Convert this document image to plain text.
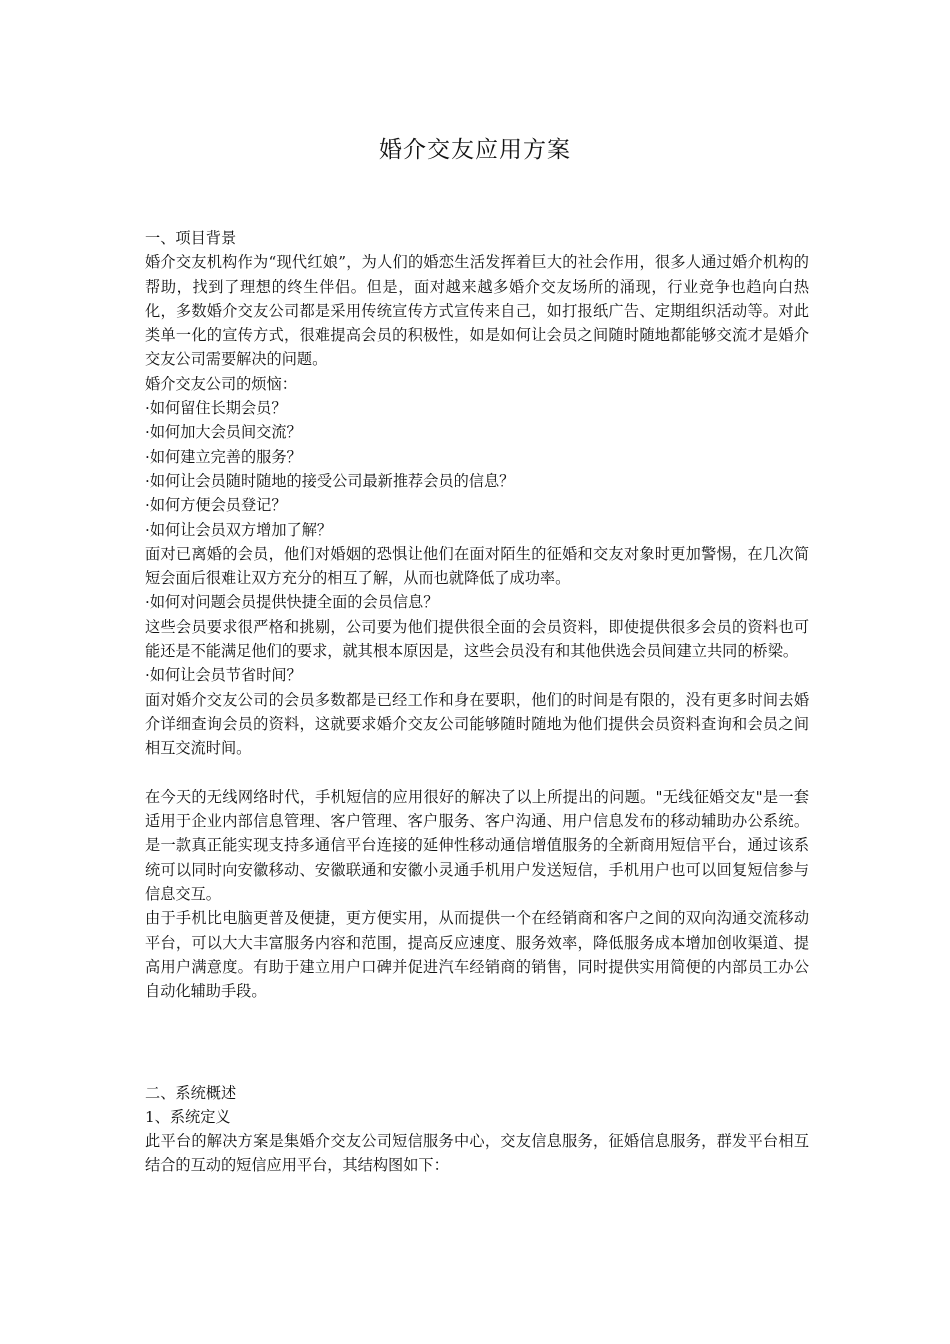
婚介交友应用方案

一、项目背景

婚介交友机构作为“现代红娘”，为人们的婚恋生活发挥着巨大的社会作用，很多人通过婚介机构的帮助，找到了理想的终生伴侣。但是，面对越来越多婚介交友场所的涌现，行业竞争也趋向白热化，多数婚介交友公司都是采用传统宣传方式宣传来自己，如打报纸广告、定期组织活动等。对此类单一化的宣传方式，很难提高会员的积极性，如是如何让会员之间随时随地都能够交流才是婚介交友公司需要解决的问题。

婚介交友公司的烦恼：

·如何留住长期会员？

·如何加大会员间交流？

·如何建立完善的服务？

·如何让会员随时随地的接受公司最新推荐会员的信息？

·如何方便会员登记？

·如何让会员双方增加了解？

面对已离婚的会员，他们对婚姻的恐惧让他们在面对陌生的征婚和交友对象时更加警惕，在几次简短会面后很难让双方充分的相互了解，从而也就降低了成功率。

·如何对问题会员提供快捷全面的会员信息？

这些会员要求很严格和挑剔，公司要为他们提供很全面的会员资料，即使提供很多会员的资料也可能还是不能满足他们的要求，就其根本原因是，这些会员没有和其他供选会员间建立共同的桥梁。

·如何让会员节省时间？

面对婚介交友公司的会员多数都是已经工作和身在要职，他们的时间是有限的，没有更多时间去婚介详细查询会员的资料，这就要求婚介交友公司能够随时随地为他们提供会员资料查询和会员之间相互交流时间。

在今天的无线网络时代，手机短信的应用很好的解决了以上所提出的问题。"无线征婚交友"是一套适用于企业内部信息管理、客户管理、客户服务、客户沟通、用户信息发布的移动辅助办公系统。是一款真正能实现支持多通信平台连接的延伸性移动通信增值服务的全新商用短信平台，通过该系统可以同时向安徽移动、安徽联通和安徽小灵通手机用户发送短信，手机用户也可以回复短信参与信息交互。

由于手机比电脑更普及便捷，更方便实用，从而提供一个在经销商和客户之间的双向沟通交流移动平台，可以大大丰富服务内容和范围，提高反应速度、服务效率，降低服务成本增加创收渠道、提高用户满意度。有助于建立用户口碑并促进汽车经销商的销售，同时提供实用简便的内部员工办公自动化辅助手段。

二、系统概述

1、系统定义

此平台的解决方案是集婚介交友公司短信服务中心，交友信息服务，征婚信息服务，群发平台相互结合的互动的短信应用平台，其结构图如下：
